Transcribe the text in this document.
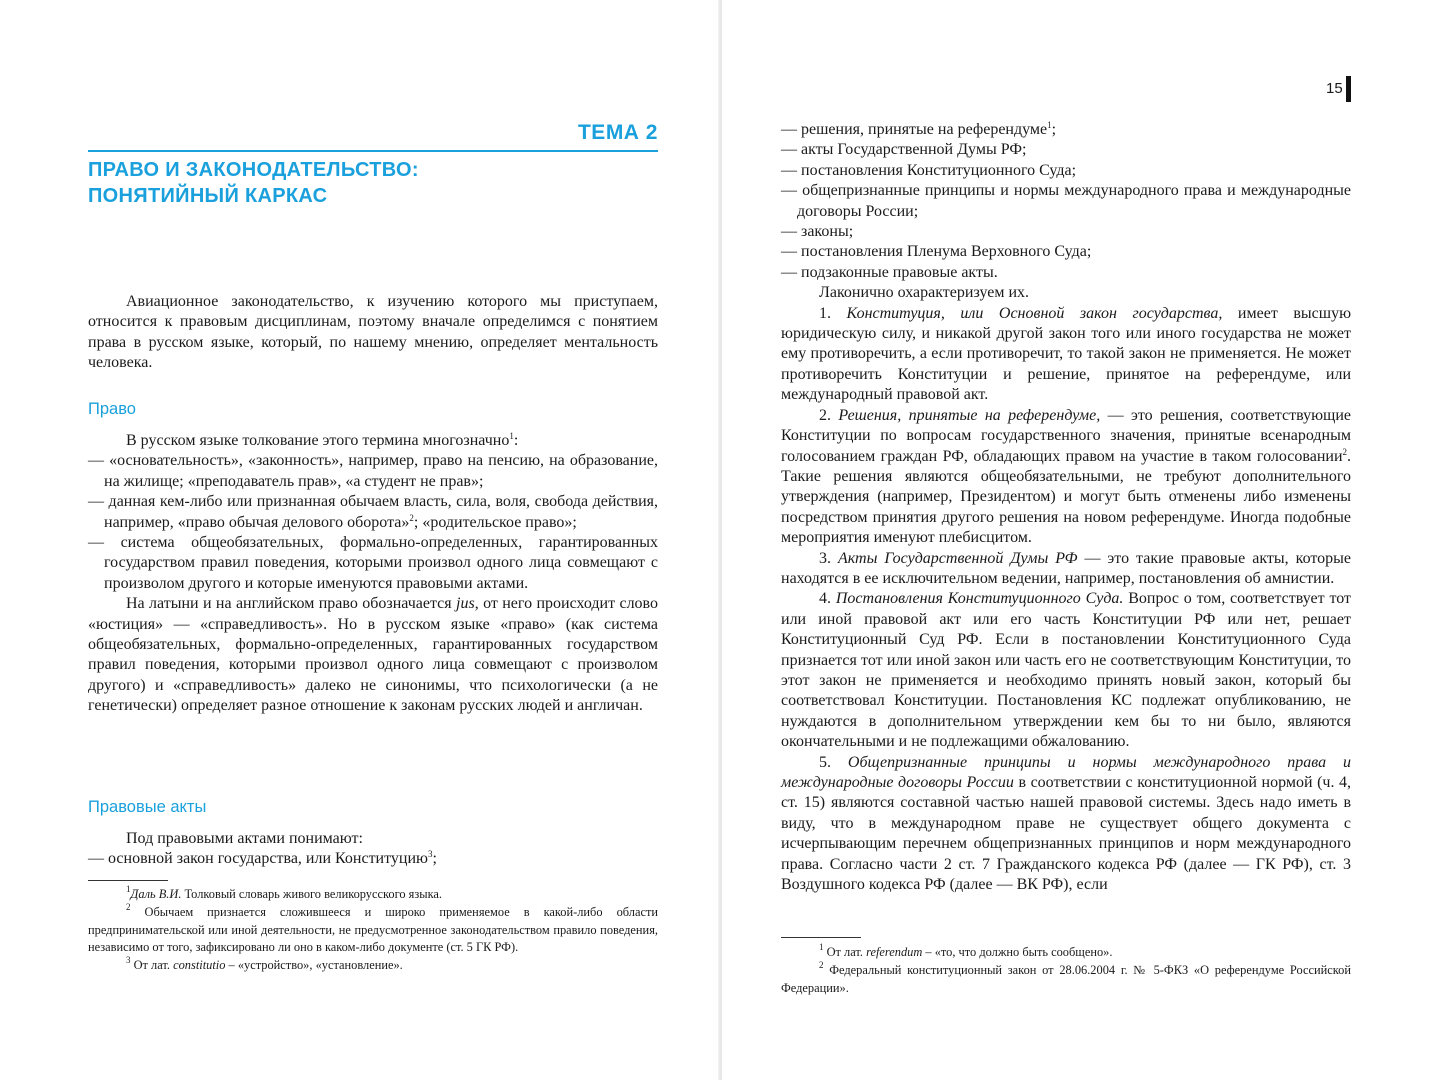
ТЕМА 2
ПРАВО И ЗАКОНОДАТЕЛЬСТВО:
ПОНЯТИЙНЫЙ КАРКАС

Авиационное законодательство, к изучению которого мы приступаем, относится к правовым дисциплинам, поэтому вначале определимся с понятием права в русском языке, который, по нашему мнению, определяет ментальность человека.

Право

В русском языке толкование этого термина многозначно$^1$:

— «основательность», «законность», например, право на пенсию, на образование, на жилище; «преподаватель прав», «а студент не прав»;

— данная кем-либо или признанная обычаем власть, сила, воля, свобода действия, например, «право обычая делового оборота»$^2$; «родительское право»;

— система общеобязательных, формально-определенных, гарантированных государством правил поведения, которыми произвол одного лица совмещают с произволом другого и которые именуются правовыми актами.

На латыни и на английском право обозначается jus, от него происходит слово «юстиция» — «справедливость». Но в русском языке «право» (как система общеобязательных, формально-определенных, гарантированных государством правил поведения, которыми произвол одного лица совмещают с произволом другого) и «справедливость» далеко не синонимы, что психологически (а не генетически) определяет разное отношение к законам русских людей и англичан.

Правовые акты

Под правовыми актами понимают:

— основной закон государства, или Конституцию$^3$;

$^1$Даль В.И. Толковый словарь живого великорусского языка.

$^2$ Обычаем признается сложившееся и широко применяемое в какой-либо области предпринимательской или иной деятельности, не предусмотренное законодательством правило поведения, независимо от того, зафиксировано ли оно в каком-либо документе (ст. 5 ГК РФ).

$^3$ От лат. constitutio – «устройство», «установление».

15

— решения, принятые на референдуме$^1$;

— акты Государственной Думы РФ;

— постановления Конституционного Суда;

— общепризнанные принципы и нормы международного права и международные договоры России;

— законы;

— постановления Пленума Верховного Суда;

— подзаконные правовые акты.

Лаконично охарактеризуем их.

1. Конституция, или Основной закон государства, имеет высшую юридическую силу, и никакой другой закон того или иного государства не может ему противоречить, а если противоречит, то такой закон не применяется. Не может противоречить Конституции и решение, принятое на референдуме, или международный правовой акт.

2. Решения, принятые на референдуме, — это решения, соответствующие Конституции по вопросам государственного значения, принятые всенародным голосованием граждан РФ, обладающих правом на участие в таком голосовании$^2$. Такие решения являются общеобязательными, не требуют дополнительного утверждения (например, Президентом) и могут быть отменены либо изменены посредством принятия другого решения на новом референдуме. Иногда подобные мероприятия именуют плебисцитом.

3. Акты Государственной Думы РФ — это такие правовые акты, которые находятся в ее исключительном ведении, например, постановления об амнистии.

4. Постановления Конституционного Суда. Вопрос о том, соответствует тот или иной правовой акт или его часть Конституции РФ или нет, решает Конституционный Суд РФ. Если в постановлении Конституционного Суда признается тот или иной закон или часть его не соответствующим Конституции, то этот закон не применяется и необходимо принять новый закон, который бы соответствовал Конституции. Постановления КС подлежат опубликованию, не нуждаются в дополнительном утверждении кем бы то ни было, являются окончательными и не подлежащими обжалованию.

5. Общепризнанные принципы и нормы международного права и международные договоры России в соответствии с конституционной нормой (ч. 4, ст. 15) являются составной частью нашей правовой системы. Здесь надо иметь в виду, что в международном праве не существует общего документа с исчерпывающим перечнем общепризнанных принципов и норм международного права. Согласно части 2 ст. 7 Гражданского кодекса РФ (далее — ГК РФ), ст. 3 Воздушного кодекса РФ (далее — ВК РФ), если

$^1$ От лат. referendum – «то, что должно быть сообщено».

$^2$ Федеральный конституционный закон от 28.06.2004 г. № 5-ФКЗ «О референдуме Российской Федерации».
